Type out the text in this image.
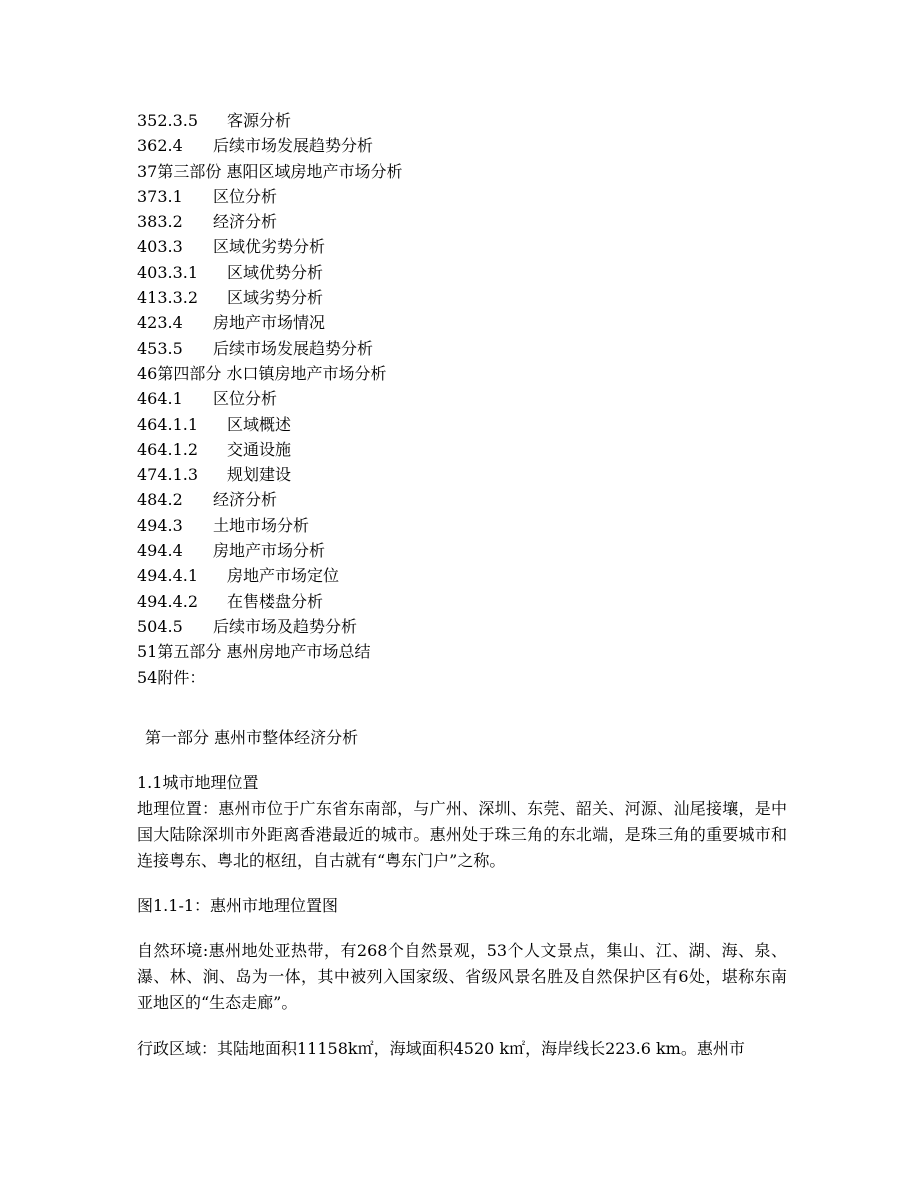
352.3.5 客源分析
362.4 后续市场发展趋势分析
37第三部份 惠阳区域房地产市场分析
373.1 区位分析
383.2 经济分析
403.3 区域优劣势分析
403.3.1 区域优势分析
413.3.2 区域劣势分析
423.4 房地产市场情况
453.5 后续市场发展趋势分析
46第四部分 水口镇房地产市场分析
464.1 区位分析
464.1.1 区域概述
464.1.2 交通设施
474.1.3 规划建设
484.2 经济分析
494.3 土地市场分析
494.4 房地产市场分析
494.4.1 房地产市场定位
494.4.2 在售楼盘分析
504.5 后续市场及趋势分析
51第五部分 惠州房地产市场总结
54附件：
第一部分 惠州市整体经济分析
1.1城市地理位置
地理位置：惠州市位于广东省东南部，与广州、深圳、东莞、韶关、河源、汕尾接壤，是中国大陆除深圳市外距离香港最近的城市。惠州处于珠三角的东北端，是珠三角的重要城市和连接粤东、粤北的枢纽，自古就有“粤东门户”之称。
图1.1-1：惠州市地理位置图
自然环境:惠州地处亚热带，有268个自然景观，53个人文景点，集山、江、湖、海、泉、瀑、林、涧、岛为一体，其中被列入国家级、省级风景名胜及自然保护区有6处，堪称东南亚地区的“生态走廊”。
行政区域：其陆地面积11158k㎡，海域面积4520 k㎡，海岸线长223.6 km。惠州市
